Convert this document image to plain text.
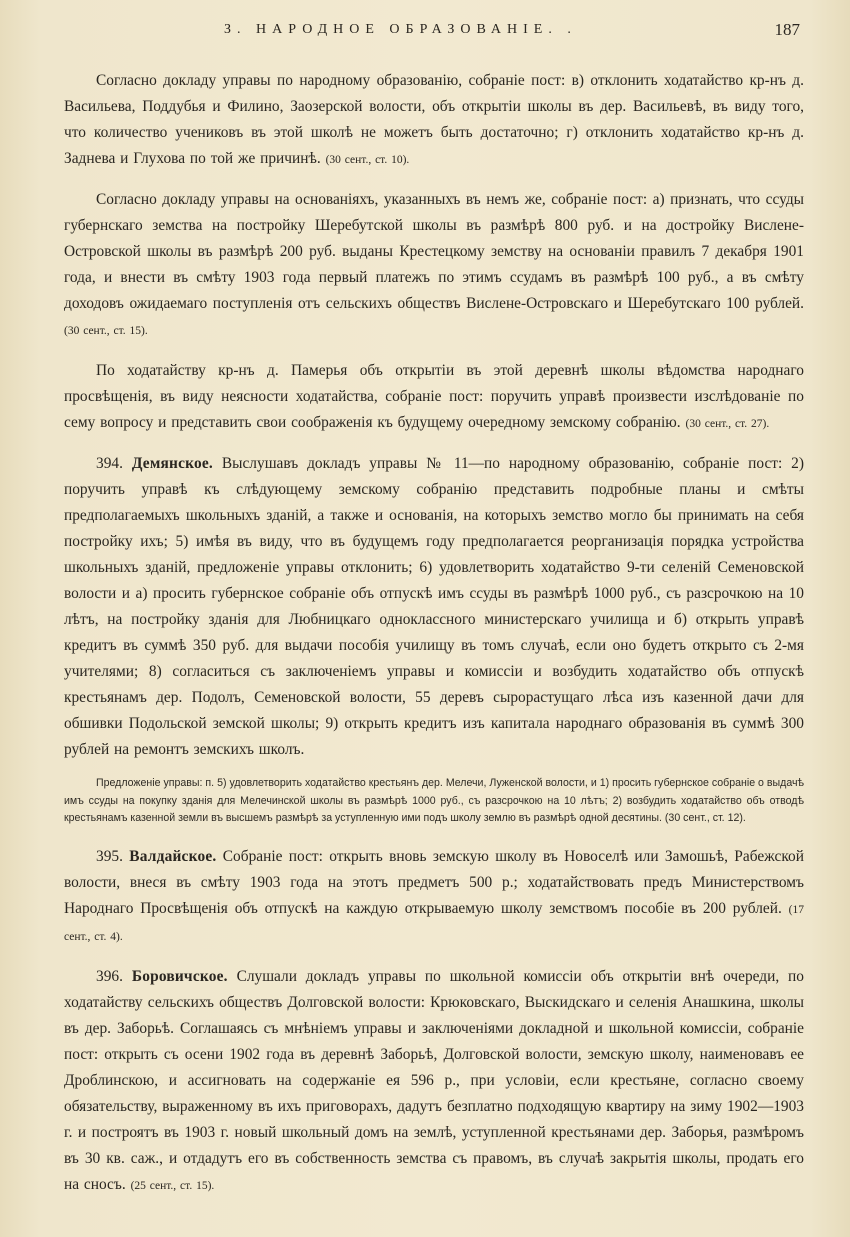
З. НАРОДНОЕ ОБРАЗОВАНIЕ. .	187

Согласно докладу управы по народному образованiю, собранiе пост: в) отклонить ходатайство кр-нъ д. Васильева, Поддубья и Филино, Заозерской волости, объ открытiи школы въ дер. Васильевѣ, въ виду того, что количество учениковъ въ этой школѣ не можетъ быть достаточно; г) отклонить ходатайство кр-нъ д. Заднева и Глухова по той же причинѣ. (30 сент., ст. 10).

Согласно докладу управы на основанiяхъ, указанныхъ въ немъ же, собранiе пост: а) признать, что ссуды губернскаго земства на постройку Шеребутской школы въ размѣрѣ 800 руб. и на достройку Вислене-Островской школы въ размѣрѣ 200 руб. выданы Крестецкому земству на основанiи правилъ 7 декабря 1901 года, и внести въ смѣту 1903 года первый платежъ по этимъ ссудамъ въ размѣрѣ 100 руб., а въ смѣту доходовъ ожидаемаго поступленiя отъ сельскихъ обществъ Вислене-Островскаго и Шеребутскаго 100 рублей. (30 сент., ст. 15).

По ходатайству кр-нъ д. Памерья объ открытiи въ этой деревнѣ школы вѣдомства народнаго просвѣщенiя, въ виду неясности ходатайства, собранiе пост: поручить управѣ произвести изслѣдованiе по сему вопросу и представить свои соображенiя къ будущему очередному земскому собранiю. (30 сент., ст. 27).

394. Демянское. Выслушавъ докладъ управы № 11—по народному образованiю, собранiе пост: 2) поручить управѣ къ слѣдующему земскому собранiю представить подробные планы и смѣты предполагаемыхъ школьныхъ зданiй, а также и основанiя, на которыхъ земство могло бы принимать на себя постройку ихъ; 5) имѣя въ виду, что въ будущемъ году предполагается реорганизацiя порядка устройства школьныхъ зданiй, предложенiе управы отклонить; 6) удовлетворить ходатайство 9-ти селенiй Семеновской волости и а) просить губернское собранiе объ отпускѣ имъ ссуды въ размѣрѣ 1000 руб., съ разсрочкою на 10 лѣтъ, на постройку зданiя для Любницкаго одноклассного министерскаго училища и б) открыть управѣ кредитъ въ суммѣ 350 руб. для выдачи пособiя училищу въ томъ случаѣ, если оно будетъ открыто съ 2-мя учителями; 8) согласиться съ заключенiемъ управы и комиссiи и возбудить ходатайство объ отпускѣ крестьянамъ дер. Подолъ, Семеновской волости, 55 деревъ сырорастущаго лѣса изъ казенной дачи для обшивки Подольской земской школы; 9) открыть кредитъ изъ капитала народнаго образованiя въ суммѣ 300 рублей на ремонтъ земскихъ школъ.

Предложенiе управы: п. 5) удовлетворить ходатайство крестьянъ дер. Мелечи, Луженской волости, и 1) просить губернское собранiе о выдачѣ имъ ссуды на покупку зданiя для Мелечинской школы въ размѣрѣ 1000 руб., съ разсрочкою на 10 лѣтъ; 2) возбудить ходатайство объ отводѣ крестьянамъ казенной земли въ высшемъ размѣрѣ за уступленную ими подъ школу землю въ размѣрѣ одной десятины. (30 сент., ст. 12).

395. Валдайское. Собранiе пост: открыть вновь земскую школу въ Новоселѣ или Замошьѣ, Рабежской волости, внеся въ смѣту 1903 года на этотъ предметъ 500 р.; ходатайствовать предъ Министерствомъ Народнаго Просвѣщенiя объ отпускѣ на каждую открываемую школу земствомъ пособiе въ 200 рублей. (17 сент., ст. 4).

396. Боровичское. Слушали докладъ управы по школьной комиссiи объ открытiи внѣ очереди, по ходатайству сельскихъ обществъ Долговской волости: Крюковскаго, Выскидскаго и селенiя Анашкина, школы въ дер. Заборьѣ. Соглашаясь съ мнѣнiемъ управы и заключенiями докладной и школьной комиссiи, собранiе пост: открыть съ осени 1902 года въ деревнѣ Заборьѣ, Долговской волости, земскую школу, наименовавъ ее Дроблинскою, и ассигновать на содержанiе ея 596 р., при условiи, если крестьяне, согласно своему обязательству, выраженному въ ихъ приговорахъ, дадутъ безплатно подходящую квартиру на зиму 1902—1903 г. и построятъ въ 1903 г. новый школьный домъ на землѣ, уступленной крестьянами дер. Заборья, размѣромъ въ 30 кв. саж., и отдадутъ его въ собственность земства съ правомъ, въ случаѣ закрытiя школы, продать его на сносъ. (25 сент., ст. 15).
